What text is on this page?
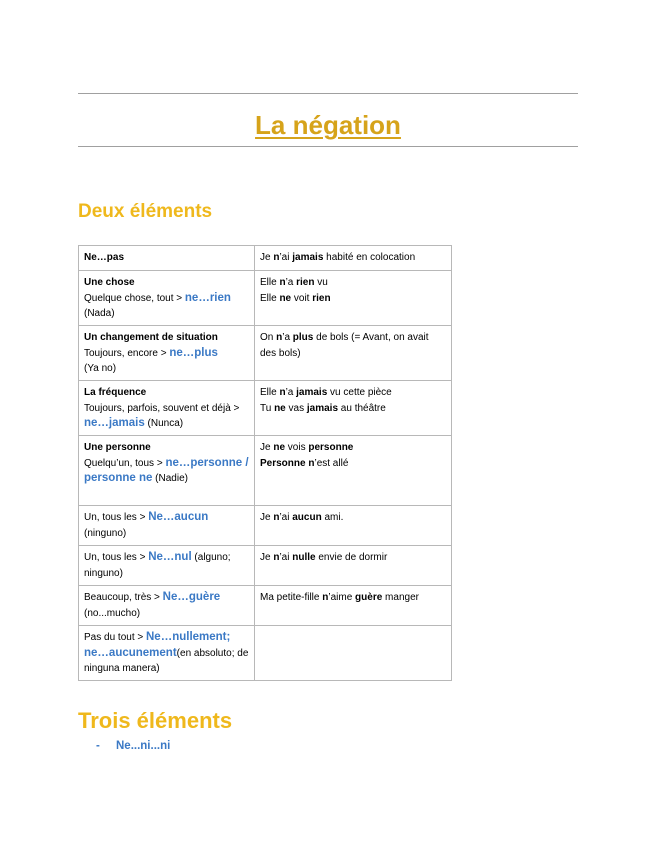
La négation
Deux éléments
Ne…pas	Je n’ai jamais habité en colocation

Une chose
Quelque chose, tout > ne…rien
(Nada)	Elle n’a rien vu
Elle ne voit rien

Un changement de situation
Toujours, encore > ne…plus
(Ya no)	On n’a plus de bols (= Avant, on avait des bols)

La fréquence
Toujours, parfois, souvent et déjà > ne…jamais (Nunca)	Elle n’a jamais vu cette pièce
Tu ne vas jamais au théâtre

Une personne
Quelqu’un, tous > ne…personne / personne ne (Nadie)	Je ne vois personne
Personne n’est allé

Un, tous les > Ne…aucun
(ninguno)	Je n’ai aucun ami.

Un, tous les > Ne…nul (alguno; ninguno)	Je n’ai nulle envie de dormir

Beaucoup, très > Ne…guère
(no...mucho)	Ma petite-fille n’aime guère manger

Pas du tout > Ne…nullement; ne…aucunement(en absoluto; de ninguna manera)	

Trois éléments
- Ne...ni...ni
